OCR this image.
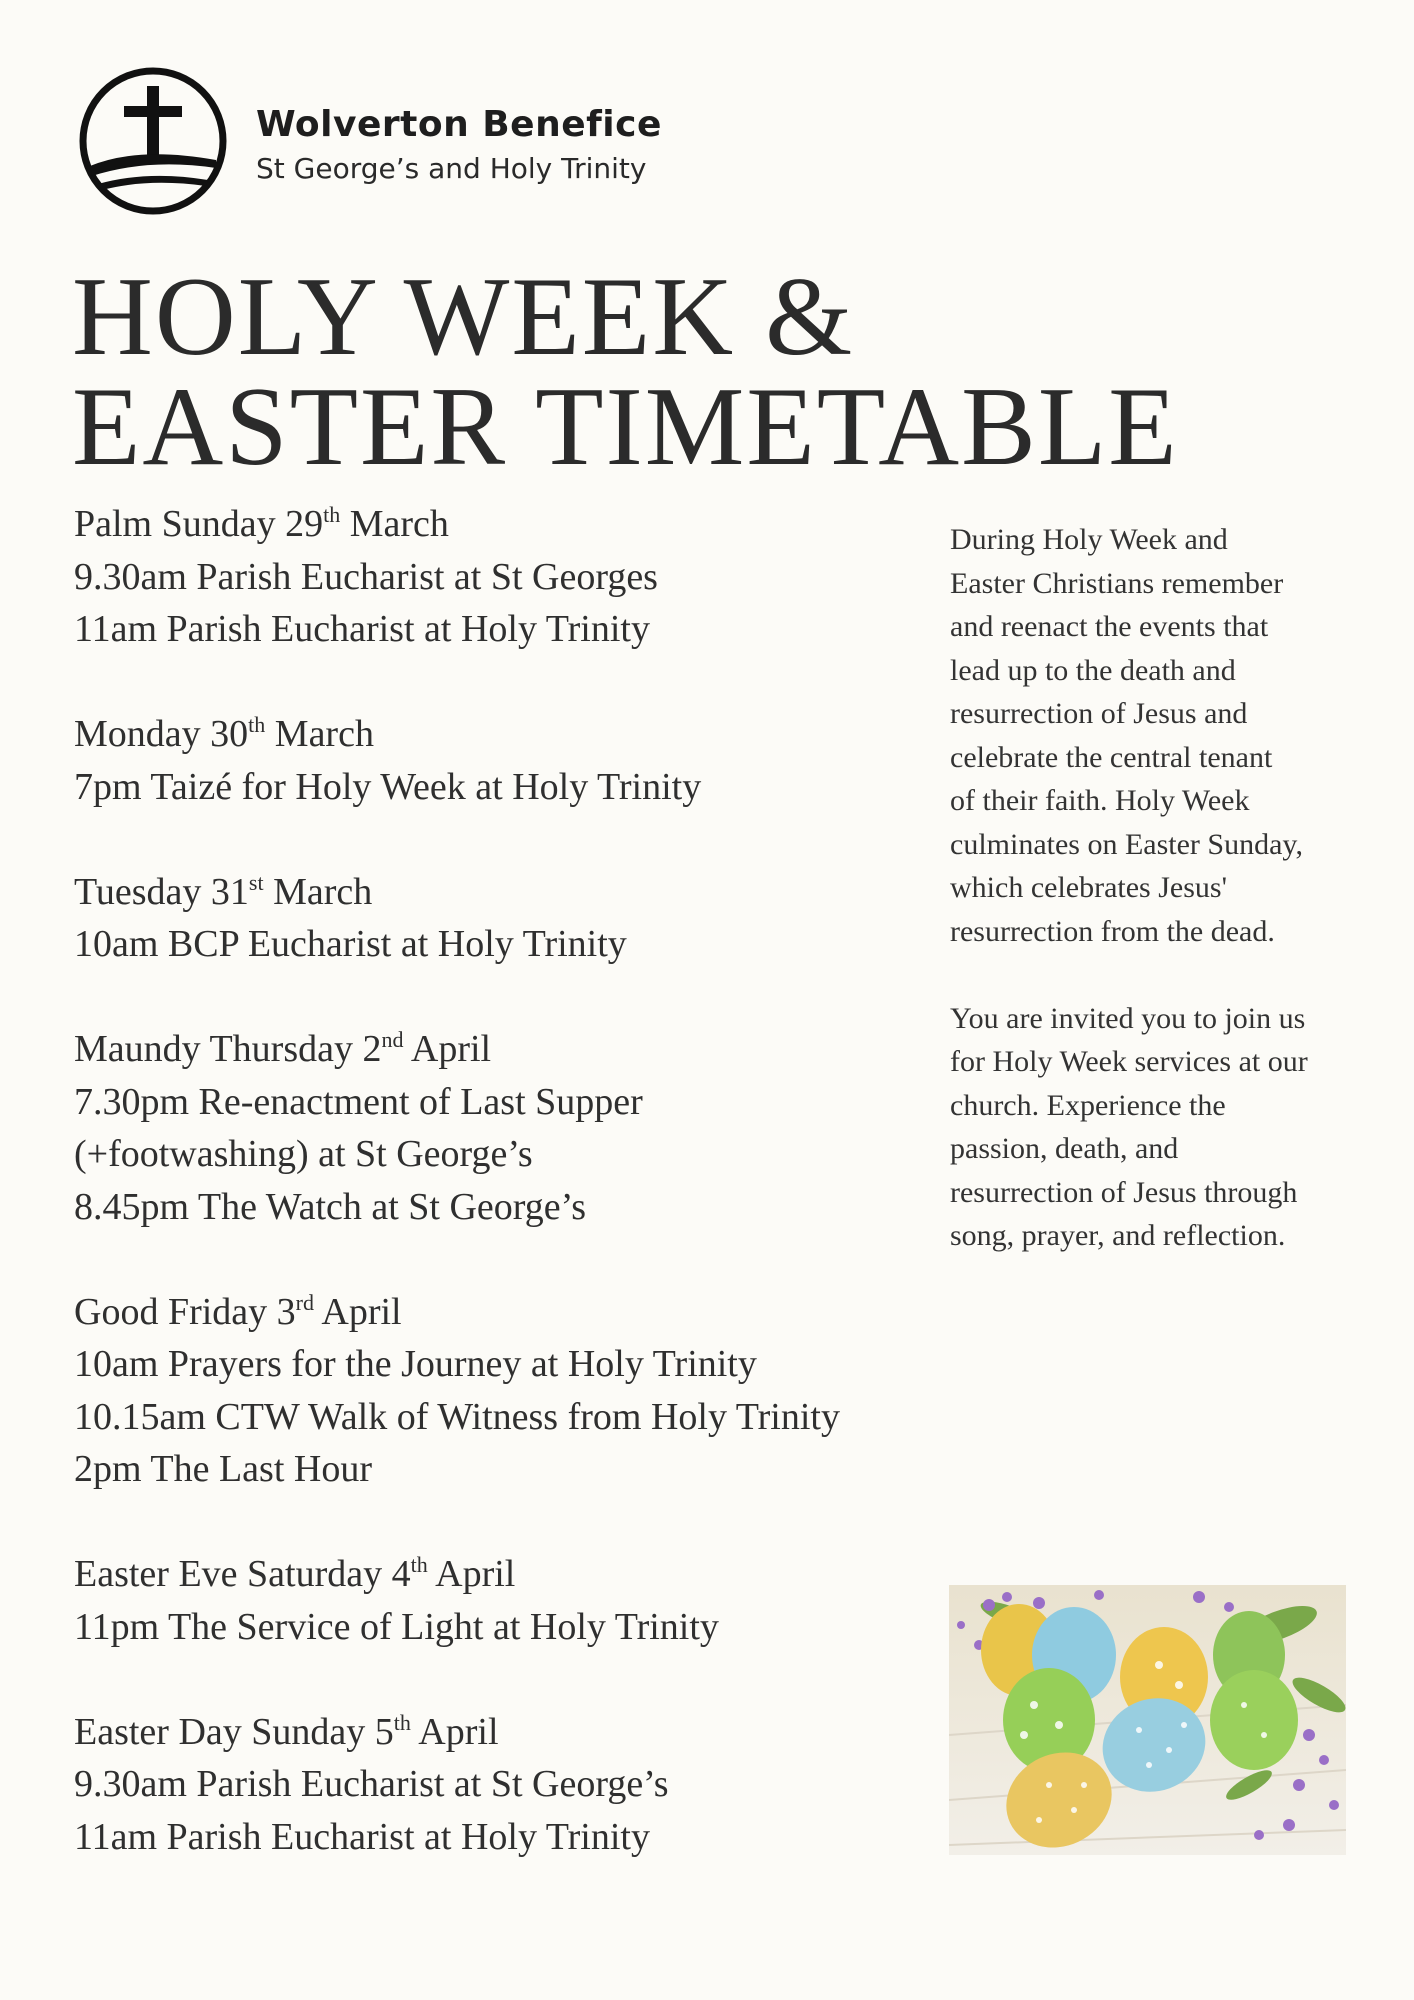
Wolverton Benefice
St George’s and Holy Trinity
HOLY WEEK &
EASTER TIMETABLE
Palm Sunday 29th March
9.30am Parish Eucharist at St Georges
11am Parish Eucharist at Holy Trinity
Monday 30th March
7pm Taizé for Holy Week at Holy Trinity
Tuesday 31st March
10am BCP Eucharist at Holy Trinity
Maundy Thursday 2nd April
7.30pm Re-enactment of Last Supper
(+footwashing) at St George’s
8.45pm The Watch at St George’s
Good Friday 3rd April
10am Prayers for the Journey at Holy Trinity
10.15am CTW Walk of Witness from Holy Trinity
2pm The Last Hour
Easter Eve Saturday 4th April
11pm The Service of Light at Holy Trinity
Easter Day Sunday 5th April
9.30am Parish Eucharist at St George’s
11am Parish Eucharist at Holy Trinity
During Holy Week and
Easter Christians remember
and reenact the events that
lead up to the death and
resurrection of Jesus and
celebrate the central tenant
of their faith. Holy Week
culminates on Easter Sunday,
which celebrates Jesus'
resurrection from the dead.
You are invited you to join us
for Holy Week services at our
church. Experience the
passion, death, and
resurrection of Jesus through
song, prayer, and reflection.
